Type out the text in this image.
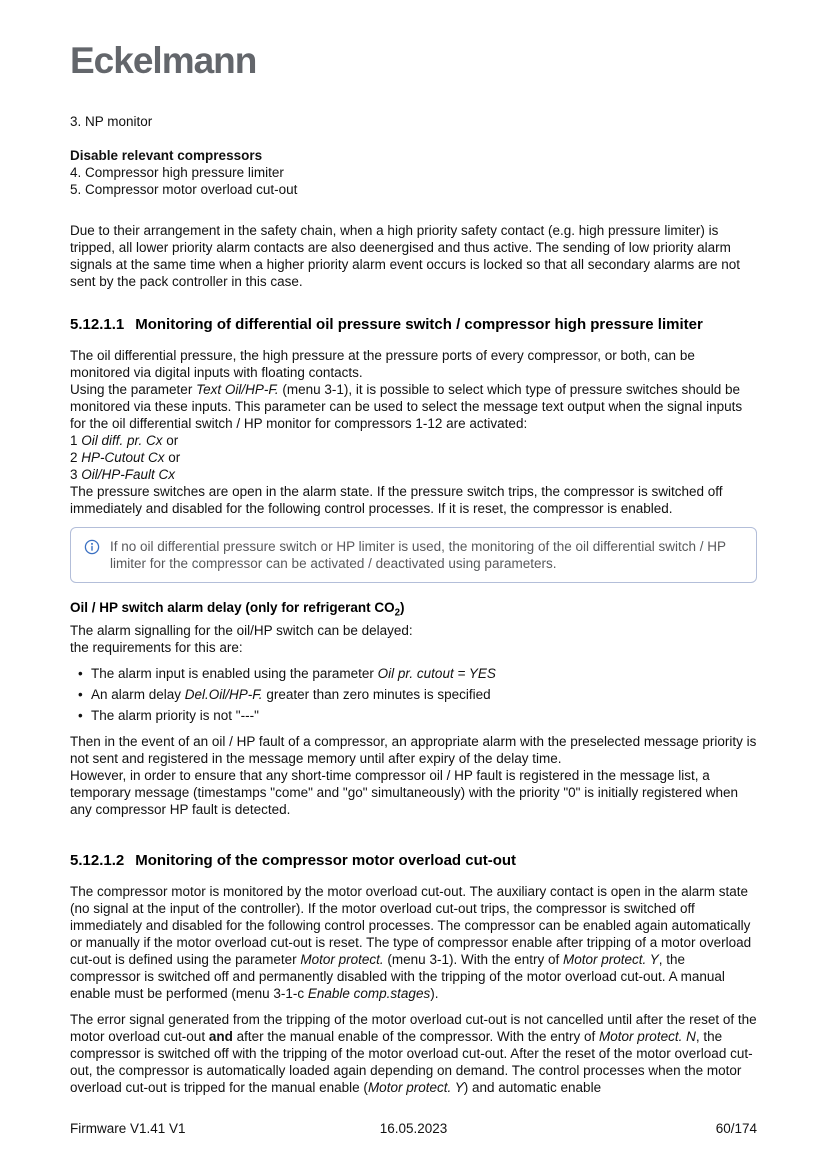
Eckelmann
3. NP monitor
Disable relevant compressors
4. Compressor high pressure limiter
5. Compressor motor overload cut-out
Due to their arrangement in the safety chain, when a high priority safety contact (e.g. high pressure limiter) is tripped, all lower priority alarm contacts are also deenergised and thus active. The sending of low priority alarm signals at the same time when a higher priority alarm event occurs is locked so that all secondary alarms are not sent by the pack controller in this case.
5.12.1.1 Monitoring of differential oil pressure switch / compressor high pressure limiter
The oil differential pressure, the high pressure at the pressure ports of every compressor, or both, can be monitored via digital inputs with floating contacts.
Using the parameter Text Oil/HP-F. (menu 3-1), it is possible to select which type of pressure switches should be monitored via these inputs. This parameter can be used to select the message text output when the signal inputs for the oil differential switch / HP monitor for compressors 1-12 are activated:
1 Oil diff. pr. Cx or
2 HP-Cutout Cx or
3 Oil/HP-Fault Cx
The pressure switches are open in the alarm state. If the pressure switch trips, the compressor is switched off immediately and disabled for the following control processes. If it is reset, the compressor is enabled.
If no oil differential pressure switch or HP limiter is used, the monitoring of the oil differential switch / HP limiter for the compressor can be activated / deactivated using parameters.
Oil / HP switch alarm delay (only for refrigerant $CO_2$)
The alarm signalling for the oil/HP switch can be delayed:
the requirements for this are:
• The alarm input is enabled using the parameter Oil pr. cutout = YES
• An alarm delay Del.Oil/HP-F. greater than zero minutes is specified
• The alarm priority is not "---"
Then in the event of an oil / HP fault of a compressor, an appropriate alarm with the preselected message priority is not sent and registered in the message memory until after expiry of the delay time.
However, in order to ensure that any short-time compressor oil / HP fault is registered in the message list, a temporary message (timestamps "come" and "go" simultaneously) with the priority "0" is initially registered when any compressor HP fault is detected.
5.12.1.2 Monitoring of the compressor motor overload cut-out
The compressor motor is monitored by the motor overload cut-out. The auxiliary contact is open in the alarm state (no signal at the input of the controller). If the motor overload cut-out trips, the compressor is switched off immediately and disabled for the following control processes. The compressor can be enabled again automatically or manually if the motor overload cut-out is reset. The type of compressor enable after tripping of a motor overload cut-out is defined using the parameter Motor protect. (menu 3-1). With the entry of Motor protect. Y, the compressor is switched off and permanently disabled with the tripping of the motor overload cut-out. A manual enable must be performed (menu 3-1-c Enable comp.stages).
The error signal generated from the tripping of the motor overload cut-out is not cancelled until after the reset of the motor overload cut-out and after the manual enable of the compressor. With the entry of Motor protect. N, the compressor is switched off with the tripping of the motor overload cut-out. After the reset of the motor overload cut-out, the compressor is automatically loaded again depending on demand. The control processes when the motor overload cut-out is tripped for the manual enable (Motor protect. Y) and automatic enable
Firmware V1.41 V1	16.05.2023	60/174
